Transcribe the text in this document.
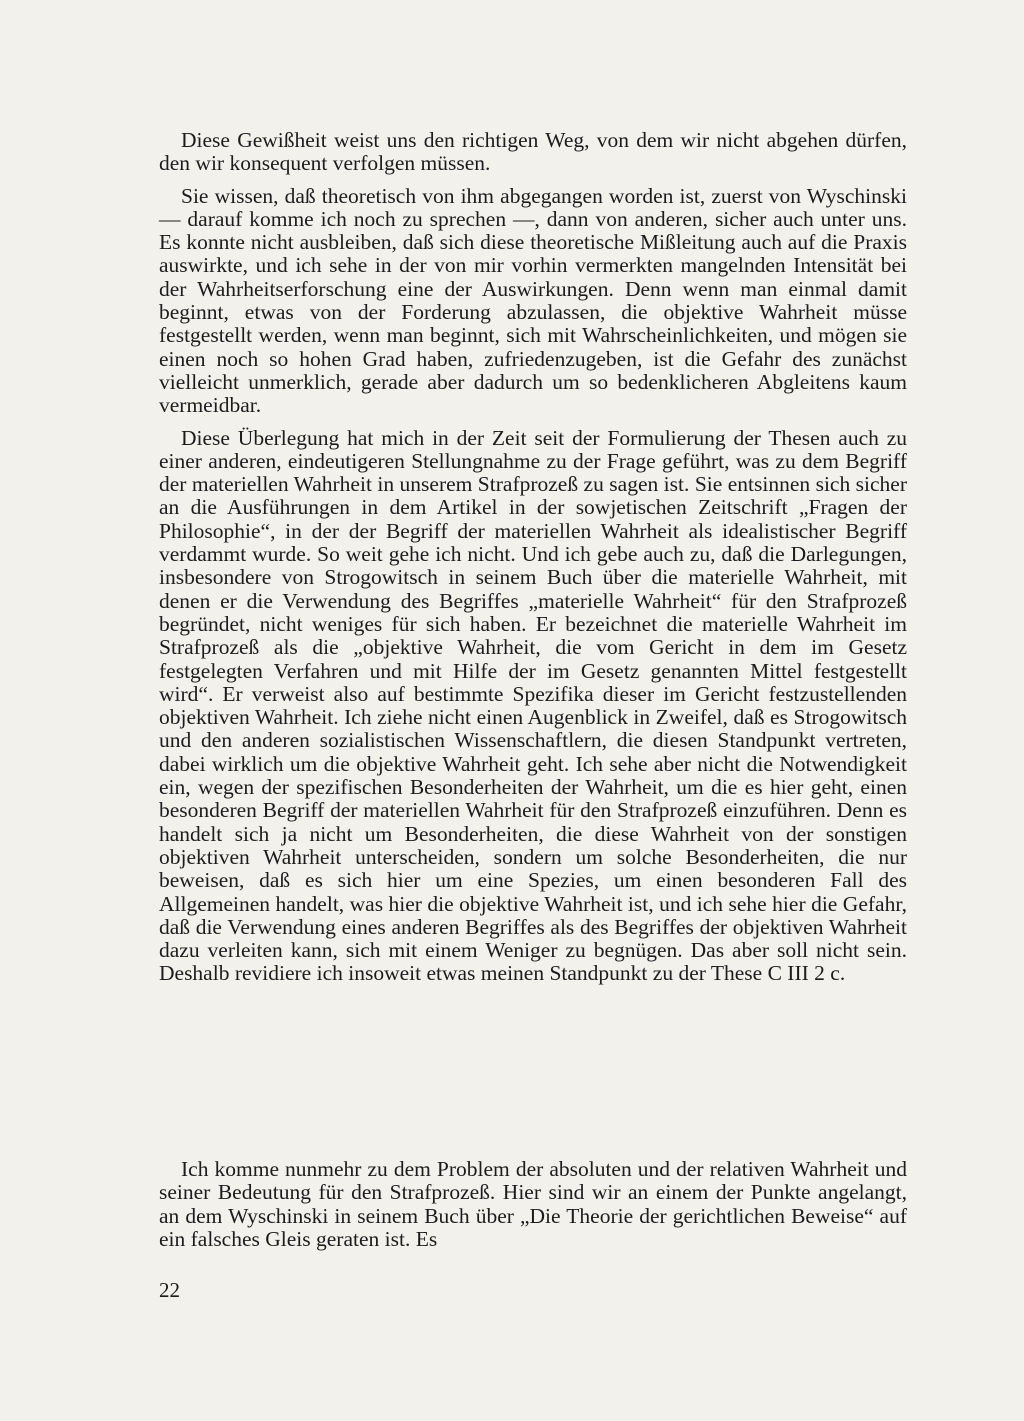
Diese Gewißheit weist uns den richtigen Weg, von dem wir nicht abgehen dürfen, den wir konsequent verfolgen müssen.

Sie wissen, daß theoretisch von ihm abgegangen worden ist, zuerst von Wyschinski — darauf komme ich noch zu sprechen —, dann von anderen, sicher auch unter uns. Es konnte nicht ausbleiben, daß sich diese theoretische Mißleitung auch auf die Praxis auswirkte, und ich sehe in der von mir vorhin vermerkten mangelnden Intensität bei der Wahrheitserforschung eine der Auswirkungen. Denn wenn man einmal damit beginnt, etwas von der Forderung abzulassen, die objektive Wahrheit müsse festgestellt werden, wenn man beginnt, sich mit Wahrscheinlichkeiten, und mögen sie einen noch so hohen Grad haben, zufriedenzugeben, ist die Gefahr des zunächst vielleicht unmerklich, gerade aber dadurch um so bedenklicheren Abgleitens kaum vermeidbar.

Diese Überlegung hat mich in der Zeit seit der Formulierung der Thesen auch zu einer anderen, eindeutigeren Stellungnahme zu der Frage geführt, was zu dem Begriff der materiellen Wahrheit in unserem Strafprozeß zu sagen ist. Sie entsinnen sich sicher an die Ausführungen in dem Artikel in der sowjetischen Zeitschrift „Fragen der Philosophie“, in der der Begriff der materiellen Wahrheit als idealistischer Begriff verdammt wurde. So weit gehe ich nicht. Und ich gebe auch zu, daß die Darlegungen, insbesondere von Strogowitsch in seinem Buch über die materielle Wahrheit, mit denen er die Verwendung des Begriffes „materielle Wahrheit“ für den Strafprozeß begründet, nicht weniges für sich haben. Er bezeichnet die materielle Wahrheit im Strafprozeß als die „objektive Wahrheit, die vom Gericht in dem im Gesetz festgelegten Verfahren und mit Hilfe der im Gesetz genannten Mittel festgestellt wird“. Er verweist also auf bestimmte Spezifika dieser im Gericht festzustellenden objektiven Wahrheit. Ich ziehe nicht einen Augenblick in Zweifel, daß es Strogowitsch und den anderen sozialistischen Wissenschaftlern, die diesen Standpunkt vertreten, dabei wirklich um die objektive Wahrheit geht. Ich sehe aber nicht die Notwendigkeit ein, wegen der spezifischen Besonderheiten der Wahrheit, um die es hier geht, einen besonderen Begriff der materiellen Wahrheit für den Strafprozeß einzuführen. Denn es handelt sich ja nicht um Besonderheiten, die diese Wahrheit von der sonstigen objektiven Wahrheit unterscheiden, sondern um solche Besonderheiten, die nur beweisen, daß es sich hier um eine Spezies, um einen besonderen Fall des Allgemeinen handelt, was hier die objektive Wahrheit ist, und ich sehe hier die Gefahr, daß die Verwendung eines anderen Begriffes als des Begriffes der objektiven Wahrheit dazu verleiten kann, sich mit einem Weniger zu begnügen. Das aber soll nicht sein. Deshalb revidiere ich insoweit etwas meinen Standpunkt zu der These C III 2 c.

Ich komme nunmehr zu dem Problem der absoluten und der relativen Wahrheit und seiner Bedeutung für den Strafprozeß. Hier sind wir an einem der Punkte angelangt, an dem Wyschinski in seinem Buch über „Die Theorie der gerichtlichen Beweise“ auf ein falsches Gleis geraten ist. Es

22
